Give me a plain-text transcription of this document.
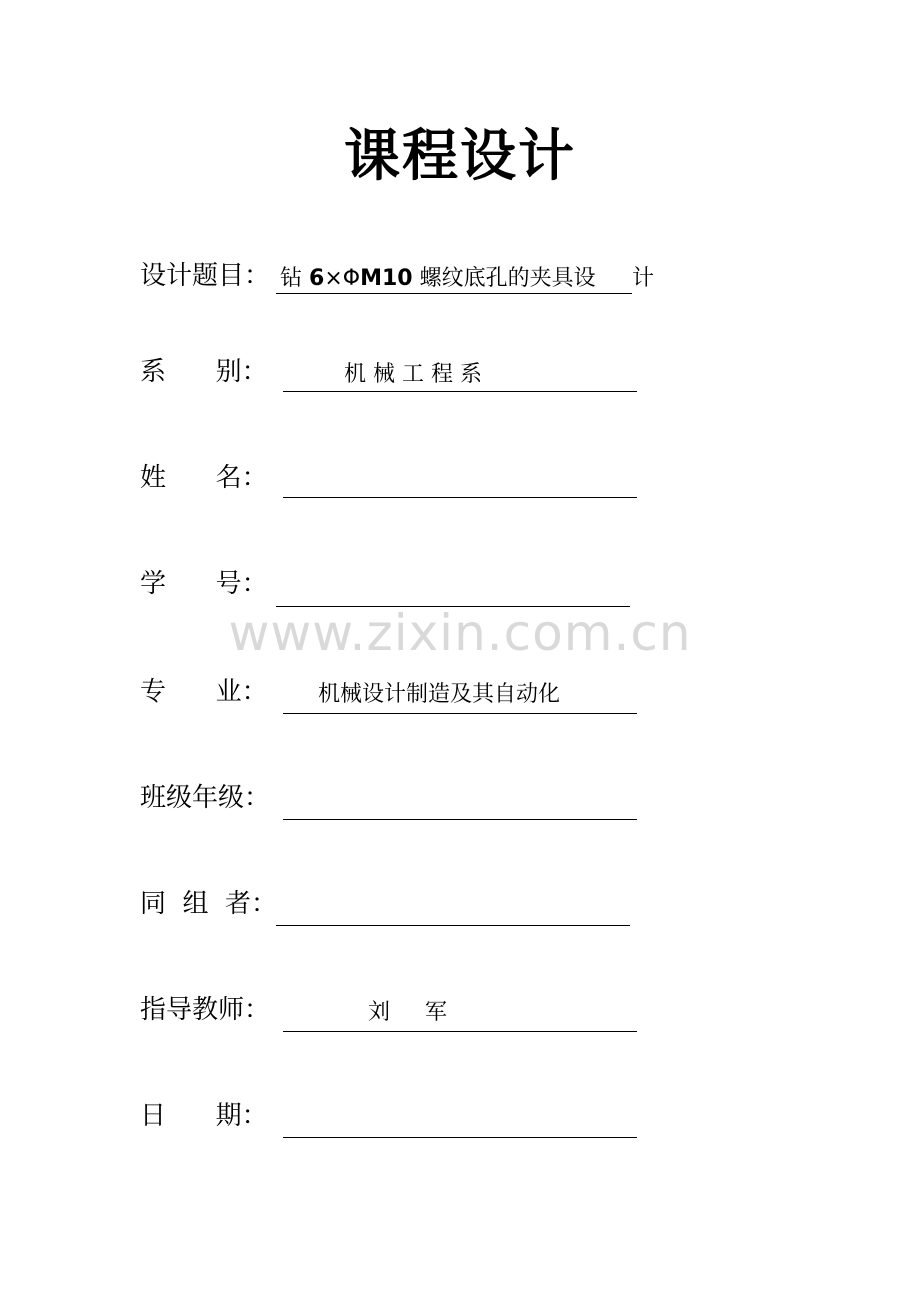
课程设计
设计题目： 钻 6×ΦM10 螺纹底孔的夹具设 计
系      别：	机 械 工 程 系
姓      名：
学      号：
www.zixin.com.cn
专      业： 机械设计制造及其自动化
班级年级：
同  组  者：
指导教师：	刘     军
日      期：
